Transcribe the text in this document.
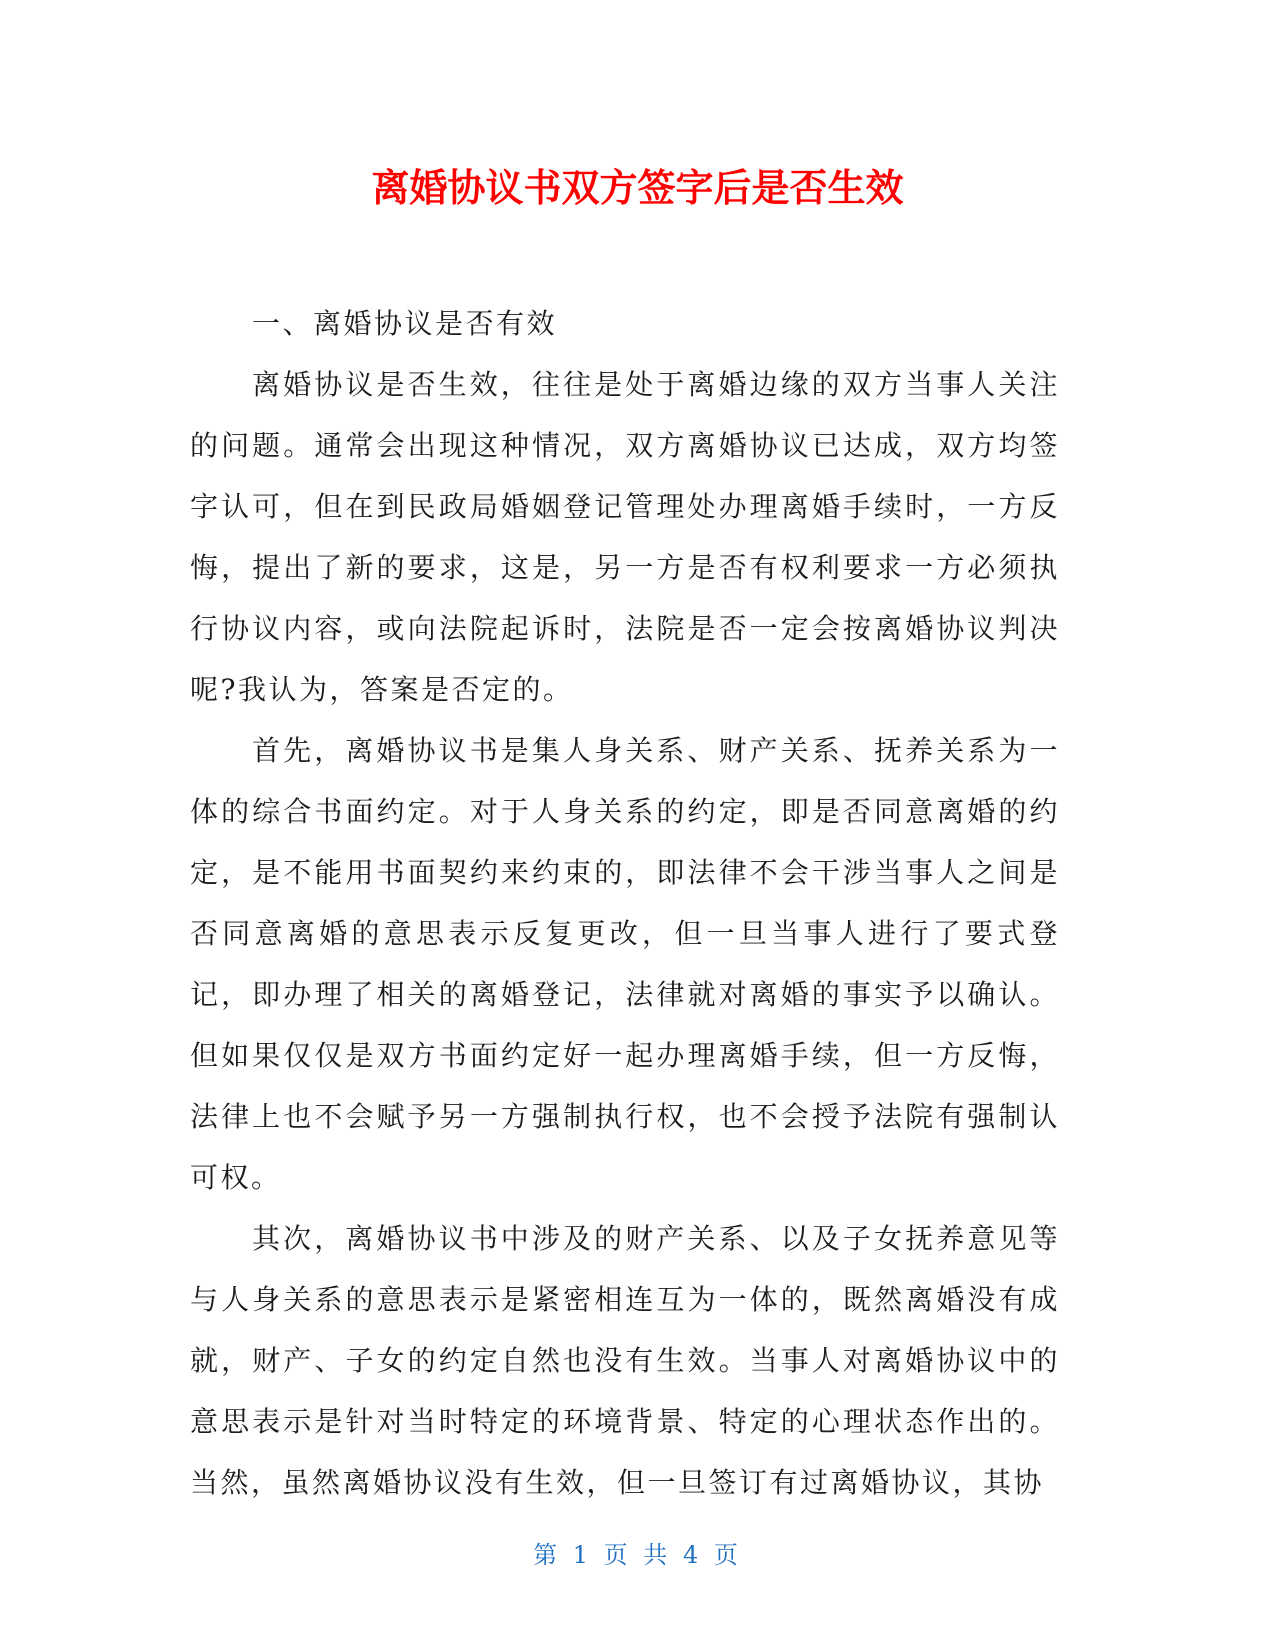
离婚协议书双方签字后是否生效

一、离婚协议是否有效

离婚协议是否生效，往往是处于离婚边缘的双方当事人关注的问题。通常会出现这种情况，双方离婚协议已达成，双方均签字认可，但在到民政局婚姻登记管理处办理离婚手续时，一方反悔，提出了新的要求，这是，另一方是否有权利要求一方必须执行协议内容，或向法院起诉时，法院是否一定会按离婚协议判决呢?我认为，答案是否定的。

首先，离婚协议书是集人身关系、财产关系、抚养关系为一体的综合书面约定。对于人身关系的约定，即是否同意离婚的约定，是不能用书面契约来约束的，即法律不会干涉当事人之间是否同意离婚的意思表示反复更改，但一旦当事人进行了要式登记，即办理了相关的离婚登记，法律就对离婚的事实予以确认。但如果仅仅是双方书面约定好一起办理离婚手续，但一方反悔，法律上也不会赋予另一方强制执行权，也不会授予法院有强制认可权。

其次，离婚协议书中涉及的财产关系、以及子女抚养意见等与人身关系的意思表示是紧密相连互为一体的，既然离婚没有成就，财产、子女的约定自然也没有生效。当事人对离婚协议中的意思表示是针对当时特定的环境背景、特定的心理状态作出的。当然，虽然离婚协议没有生效，但一旦签订有过离婚协议，其协

第 1 页 共 4 页
